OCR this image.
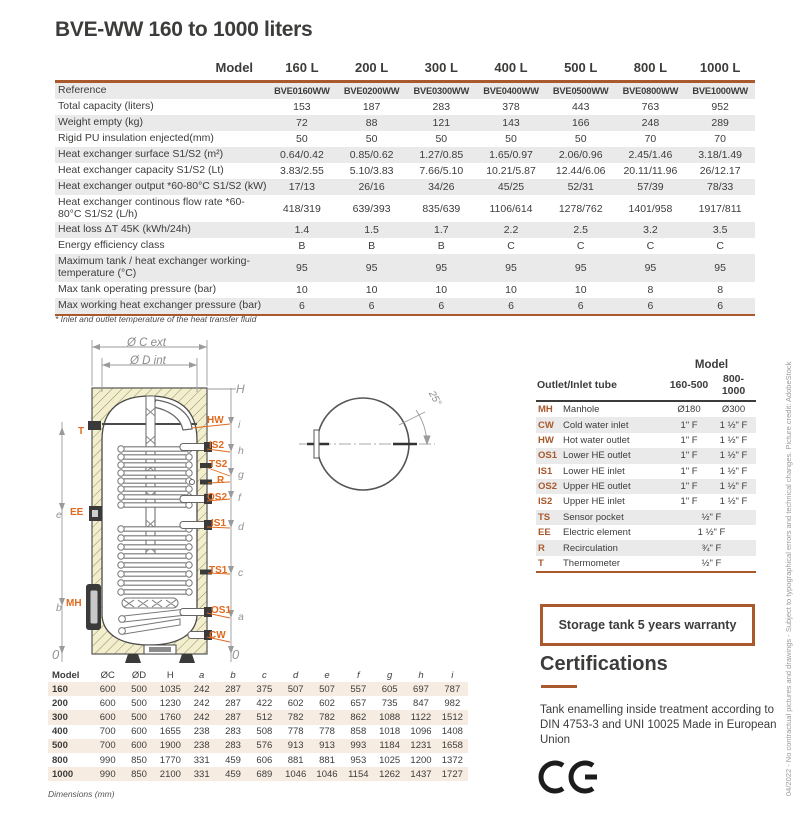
BVE-WW 160 to 1000 liters
Model	160 L	200 L	300 L	400 L	500 L	800 L	1000 L
Reference	BVE0160WW	BVE0200WW	BVE0300WW	BVE0400WW	BVE0500WW	BVE0800WW	BVE1000WW
Total capacity (liters)	153	187	283	378	443	763	952
Weight empty (kg)	72	88	121	143	166	248	289
Rigid PU insulation enjected(mm)	50	50	50	50	50	70	70
Heat exchanger surface S1/S2 (m²)	0.64/0.42	0.85/0.62	1.27/0.85	1.65/0.97	2.06/0.96	2.45/1.46	3.18/1.49
Heat exchanger capacity S1/S2 (Lt)	3.83/2.55	5.10/3.83	7.66/5.10	10.21/5.87	12.44/6.06	20.11/11.96	26/12.17
Heat exchanger output *60-80°C S1/S2 (kW)	17/13	26/16	34/26	45/25	52/31	57/39	78/33
Heat exchanger continous flow rate *60-80°C S1/S2 (L/h)	418/319	639/393	835/639	1106/614	1278/762	1401/958	1917/811
Heat loss ΔT 45K (kWh/24h)	1.4	1.5	1.7	2.2	2.5	3.2	3.5
Energy efficiency class	B	B	B	C	C	C	C
Maximum tank / heat exchanger working-temperature (°C)	95	95	95	95	95	95	95
Max tank operating pressure (bar)	10	10	10	10	10	8	8
Max working heat exchanger pressure (bar)	6	6	6	6	6	6	6
* Inlet and outlet temperature of the heat transfer fluid
Ø C ext
Ø D int
HW
IS2
TS2
R
OS2
IS1
TS1
OS1
CW
T
EE
MH
H
i
h
g
f
d
c
a
e
b
0	0
25°
		Model	
Outlet/Inlet tube		160-500	800-1000
MH	Manhole	Ø180	Ø300
CW	Cold water inlet	1" F	1 ½" F
HW	Hot water outlet	1" F	1 ½" F
OS1	Lower HE outlet	1" F	1 ½" F
IS1	Lower HE inlet	1" F	1 ½" F
OS2	Upper HE outlet	1" F	1 ½" F
IS2	Upper HE inlet	1" F	1 ½" F
TS	Sensor pocket	½" F	
EE	Electric element	1 ½" F	
R	Recirculation	¾" F	
T	Thermometer	½" F	
Storage tank 5 years warranty
Certifications
Tank enamelling inside treatment according to DIN 4753-3 and UNI 10025 Made in European Union
Model	ØC	ØD	H	a	b	c	d	e	f	g	h	i
160	600	500	1035	242	287	375	507	507	557	605	697	787
200	600	500	1230	242	287	422	602	602	657	735	847	982
300	600	500	1760	242	287	512	782	782	862	1088	1122	1512
400	700	600	1655	238	283	508	778	778	858	1018	1096	1408
500	700	600	1900	238	283	576	913	913	993	1184	1231	1658
800	990	850	1770	331	459	606	881	881	953	1025	1200	1372
1000	990	850	2100	331	459	689	1046	1046	1154	1262	1437	1727
Dimensions (mm)	04/2022 - No contractual pictures and drawings - Subject to typographical errors and technical changes. Picture credit: AdobeStock
